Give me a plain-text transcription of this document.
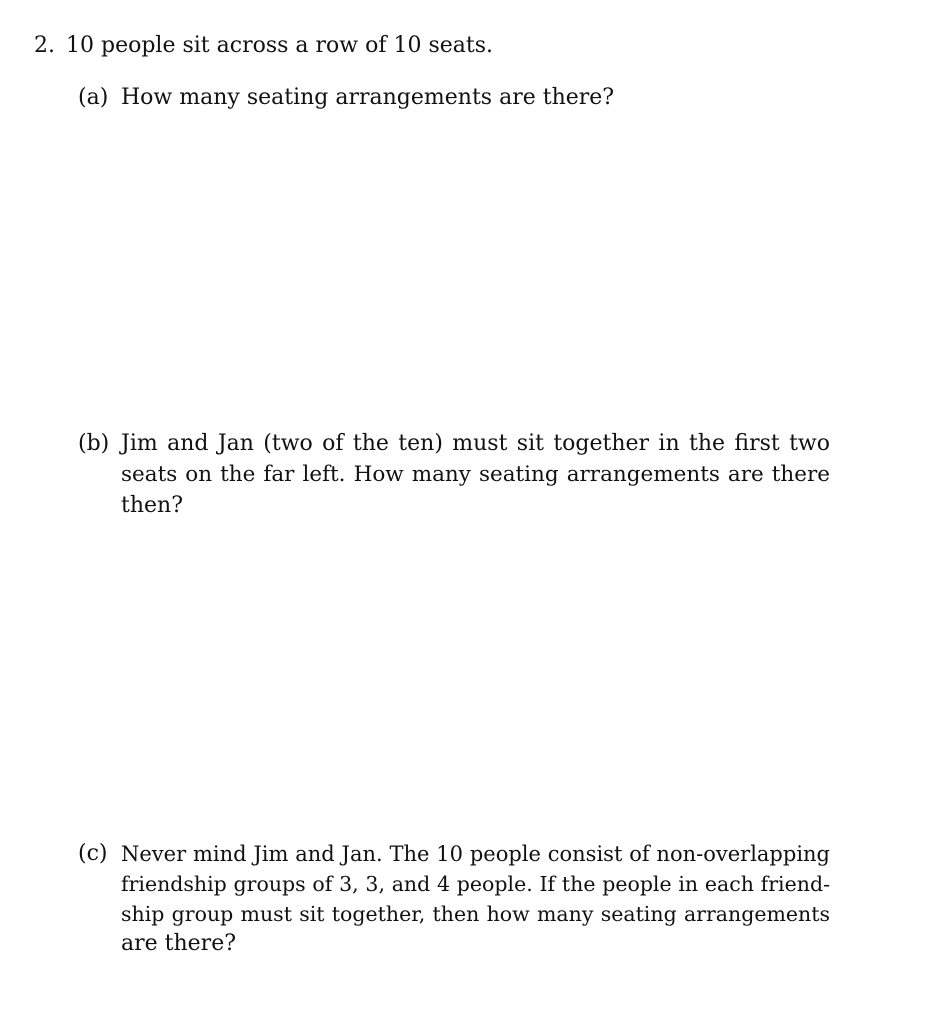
2. 10 people sit across a row of 10 seats.
(a) How many seating arrangements are there?
(b) Jim and Jan (two of the ten) must sit together in the first two
seats on the far left. How many seating arrangements are there
then?
(c) Never mind Jim and Jan. The 10 people consist of non-overlapping
friendship groups of 3, 3, and 4 people. If the people in each friend-
ship group must sit together, then how many seating arrangements
are there?
